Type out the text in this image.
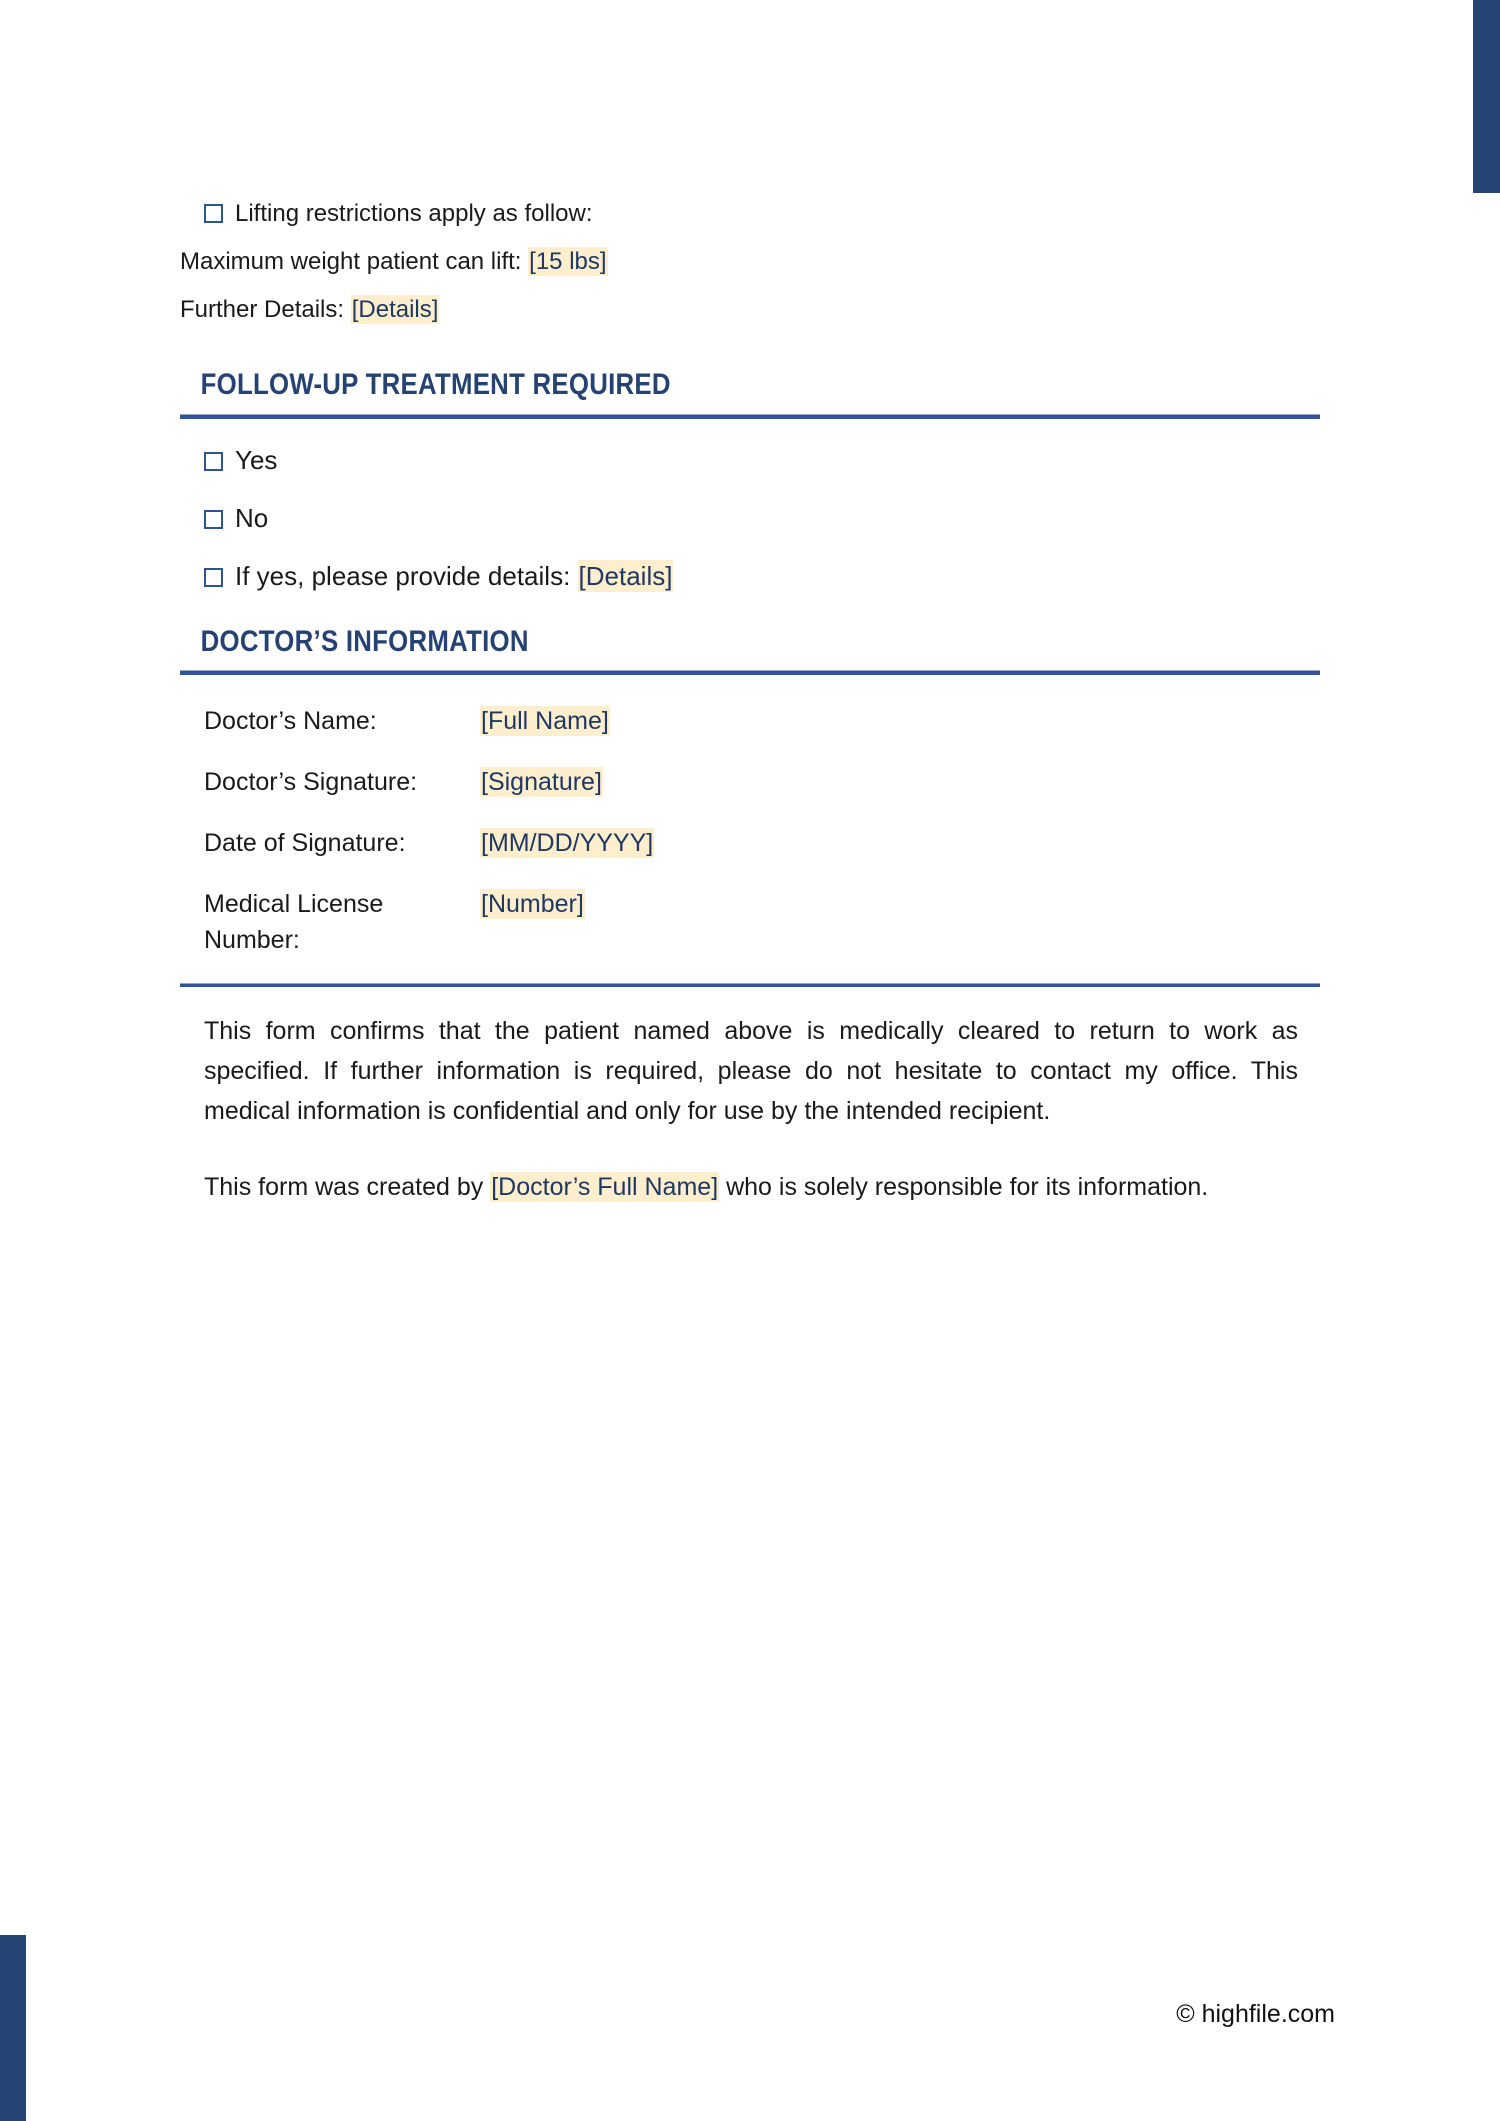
Lifting restrictions apply as follow:
Maximum weight patient can lift: [15 lbs]
Further Details: [Details]
FOLLOW-UP TREATMENT REQUIRED
Yes
No
If yes, please provide details: [Details]
DOCTOR’S INFORMATION
Doctor’s Name:	[Full Name]
Doctor’s Signature:	[Signature]
Date of Signature:	[MM/DD/YYYY]
Medical License Number:
[Number]
This form confirms that the patient named above is medically cleared to return to work as specified. If further information is required, please do not hesitate to contact my office. This medical information is confidential and only for use by the intended recipient.
This form was created by [Doctor’s Full Name] who is solely responsible for its information.
© highfile.com
